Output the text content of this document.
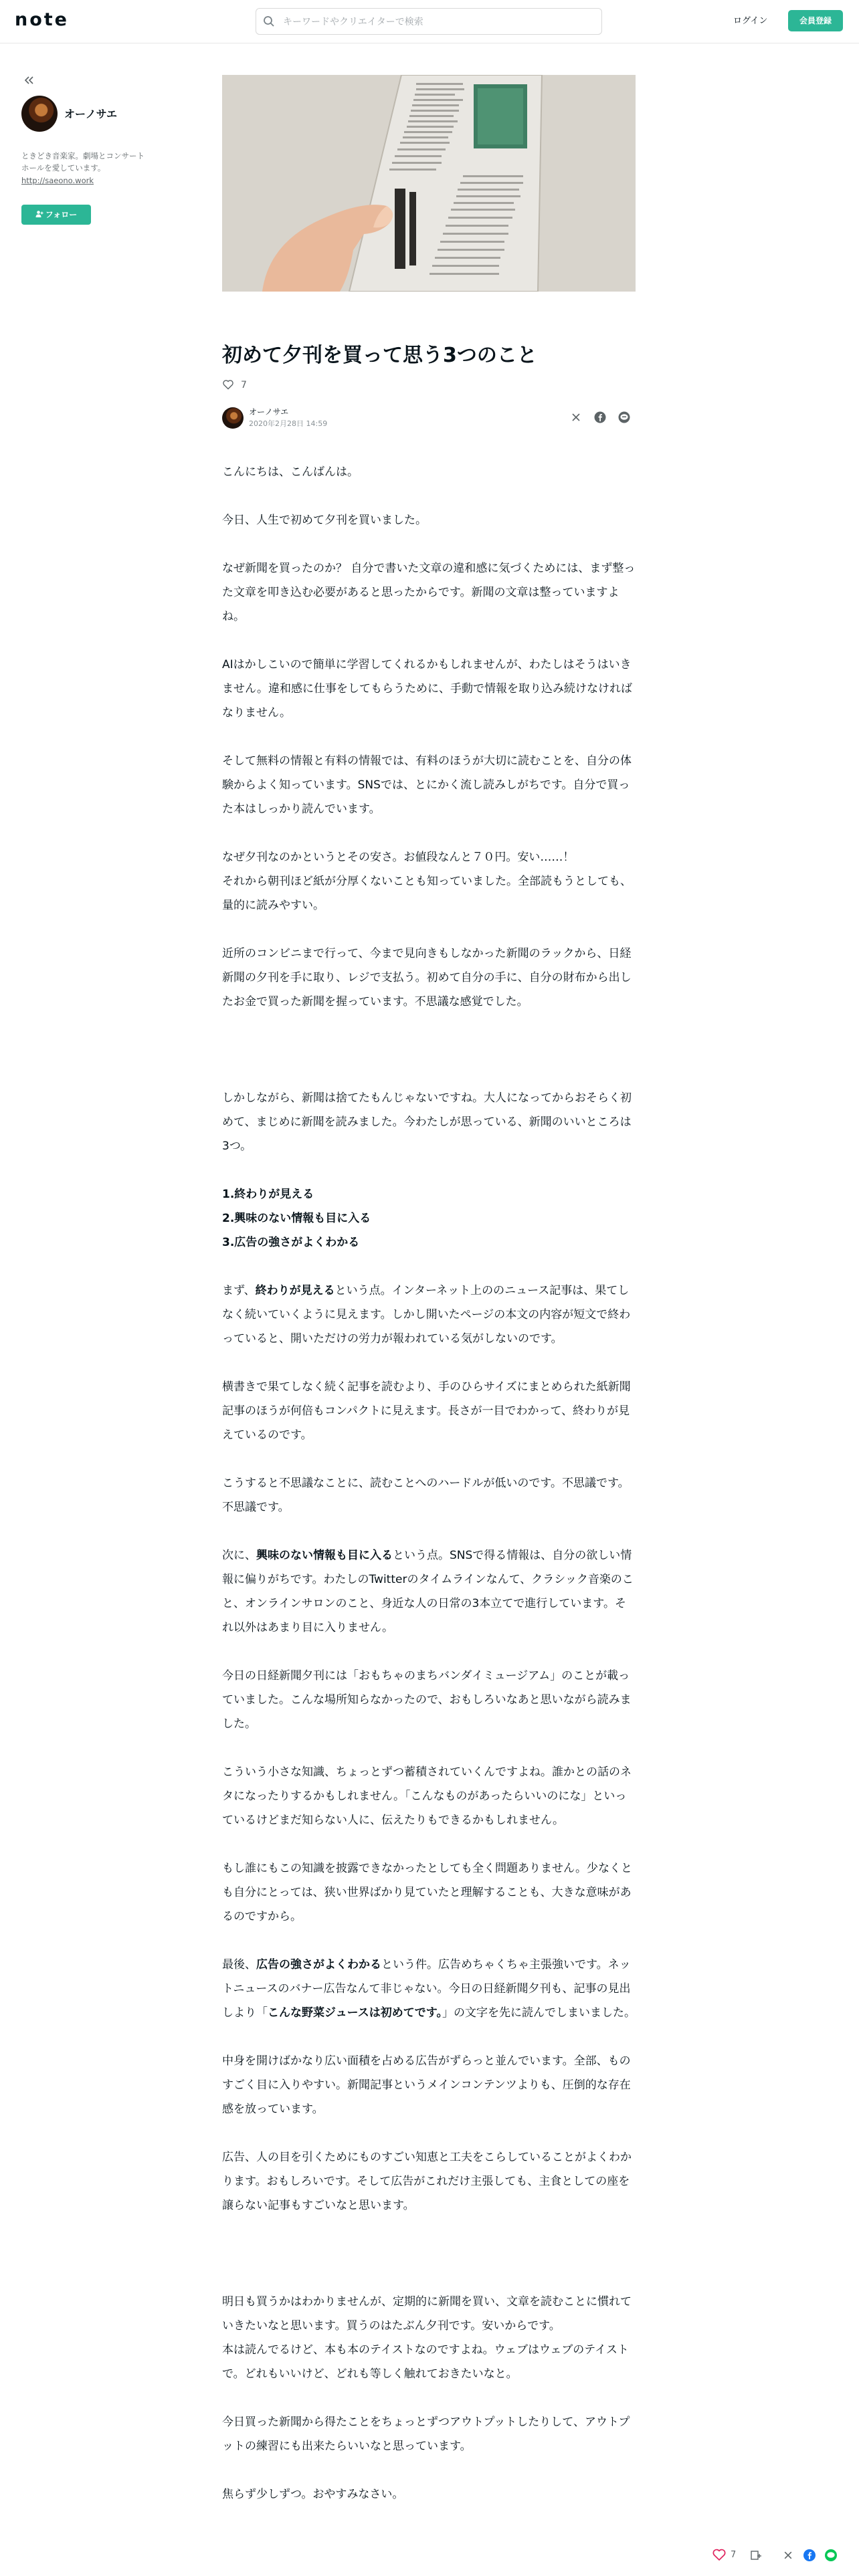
note	キーワードやクリエイターで検索	ログイン	会員登録
オーノサエ
ときどき音楽家。劇場とコンサートホールを愛しています。
http://saeono.work
フォロー
初めて夕刊を買って思う3つのこと
7
オーノサエ
2020年2月28日 14:59

こんにちは、こんばんは。

今日、人生で初めて夕刊を買いました。

なぜ新聞を買ったのか？ 自分で書いた文章の違和感に気づくためには、まず整った文章を叩き込む必要があると思ったからです。新聞の文章は整っていますよね。

AIはかしこいので簡単に学習してくれるかもしれませんが、わたしはそうはいきません。違和感に仕事をしてもらうために、手動で情報を取り込み続けなければなりません。

そして無料の情報と有料の情報では、有料のほうが大切に読むことを、自分の体験からよく知っています。SNSでは、とにかく流し読みしがちです。自分で買った本はしっかり読んでいます。

なぜ夕刊なのかというとその安さ。お値段なんと７０円。安い……！
それから朝刊ほど紙が分厚くないことも知っていました。全部読もうとしても、量的に読みやすい。

近所のコンビニまで行って、今まで見向きもしなかった新聞のラックから、日経新聞の夕刊を手に取り、レジで支払う。初めて自分の手に、自分の財布から出したお金で買った新聞を握っています。不思議な感覚でした。

しかしながら、新聞は捨てたもんじゃないですね。大人になってからおそらく初めて、まじめに新聞を読みました。今わたしが思っている、新聞のいいところは3つ。

1.終わりが見える
2.興味のない情報も目に入る
3.広告の強さがよくわかる

まず、終わりが見えるという点。インターネット上ののニュース記事は、果てしなく続いていくように見えます。しかし開いたページの本文の内容が短文で終わっていると、開いただけの労力が報われている気がしないのです。

横書きで果てしなく続く記事を読むより、手のひらサイズにまとめられた紙新聞記事のほうが何倍もコンパクトに見えます。長さが一目でわかって、終わりが見えているのです。

こうすると不思議なことに、読むことへのハードルが低いのです。不思議です。不思議です。

次に、興味のない情報も目に入るという点。SNSで得る情報は、自分の欲しい情報に偏りがちです。わたしのTwitterのタイムラインなんて、クラシック音楽のこと、オンラインサロンのこと、身近な人の日常の3本立てで進行しています。それ以外はあまり目に入りません。

今日の日経新聞夕刊には「おもちゃのまちバンダイミュージアム」のことが載っていました。こんな場所知らなかったので、おもしろいなあと思いながら読みました。

こういう小さな知識、ちょっとずつ蓄積されていくんですよね。誰かとの話のネタになったりするかもしれません。「こんなものがあったらいいのにな」といっているけどまだ知らない人に、伝えたりもできるかもしれません。

もし誰にもこの知識を披露できなかったとしても全く問題ありません。少なくとも自分にとっては、狭い世界ばかり見ていたと理解することも、大きな意味があるのですから。

最後、広告の強さがよくわかるという件。広告めちゃくちゃ主張強いです。ネットニュースのバナー広告なんて非じゃない。今日の日経新聞夕刊も、記事の見出しより「こんな野菜ジュースは初めてです。」の文字を先に読んでしまいました。

中身を開けばかなり広い面積を占める広告がずらっと並んでいます。全部、ものすごく目に入りやすい。新聞記事というメインコンテンツよりも、圧倒的な存在感を放っています。

広告、人の目を引くためにものすごい知恵と工夫をこらしていることがよくわかります。おもしろいです。そして広告がこれだけ主張しても、主食としての座を譲らない記事もすごいなと思います。

明日も買うかはわかりませんが、定期的に新聞を買い、文章を読むことに慣れていきたいなと思います。買うのはたぶん夕刊です。安いからです。
本は読んでるけど、本も本のテイストなのですよね。ウェブはウェブのテイストで。どれもいいけど、どれも等しく触れておきたいなと。

今日買った新聞から得たことをちょっとずつアウトプットしたりして、アウトプットの練習にも出来たらいいなと思っています。

焦らず少しずつ。おやすみなさい。

7
